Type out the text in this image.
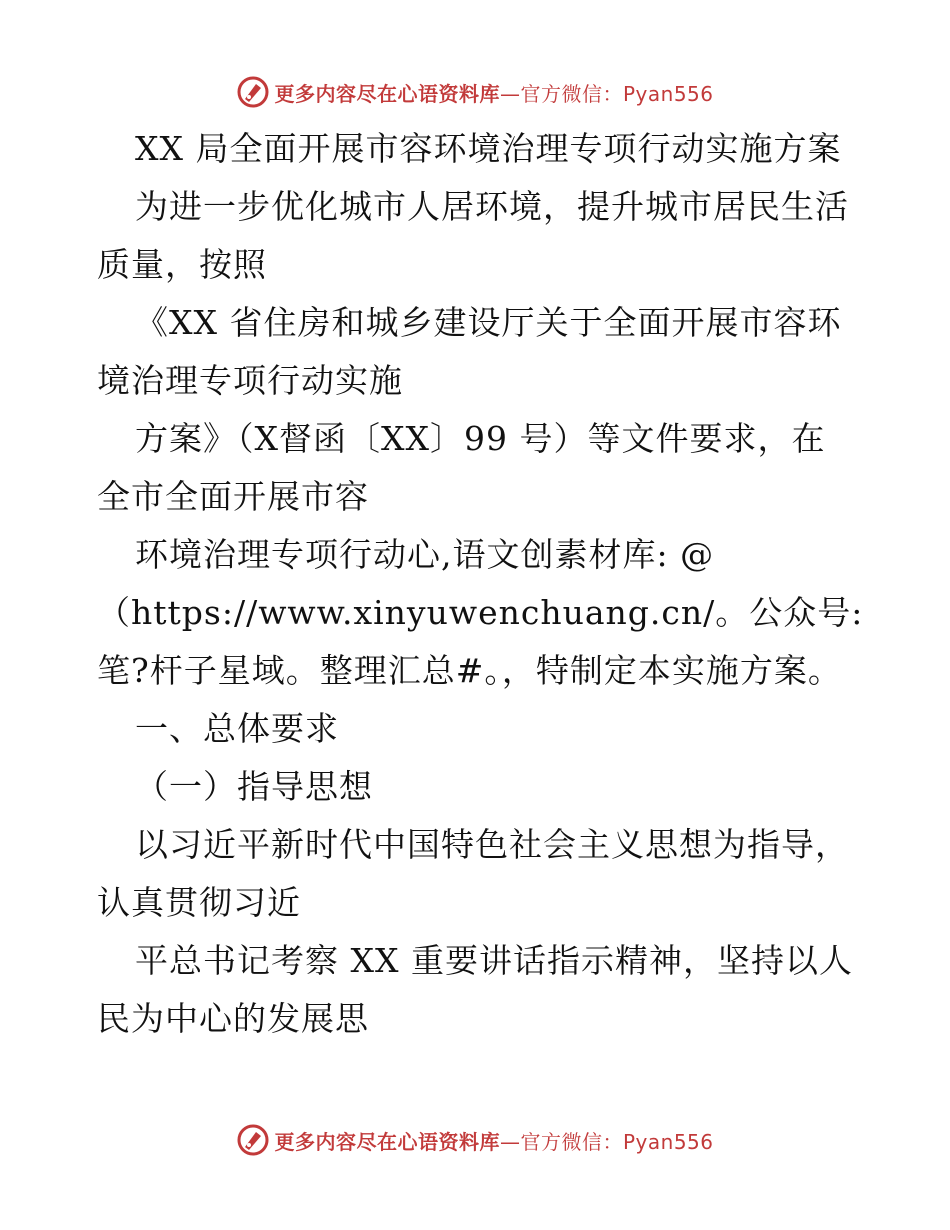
更多内容尽在心语资料库—官方微信：Pyan556

XX 局全面开展市容环境治理专项行动实施方案

为进一步优化城市人居环境，提升城市居民生活

质量，按照

《XX 省住房和城乡建设厅关于全面开展市容环

境治理专项行动实施

方案》（X督函〔XX〕99 号）等文件要求，在

全市全面开展市容

环境治理专项行动心,语文创素材库: @

（https://www.xinyuwenchuang.cn/。公众号:

笔?杆子星域。整理汇总#。，特制定本实施方案。

一、总体要求

（一）指导思想

以习近平新时代中国特色社会主义思想为指导，

认真贯彻习近

平总书记考察 XX 重要讲话指示精神，坚持以人

民为中心的发展思

更多内容尽在心语资料库—官方微信：Pyan556
